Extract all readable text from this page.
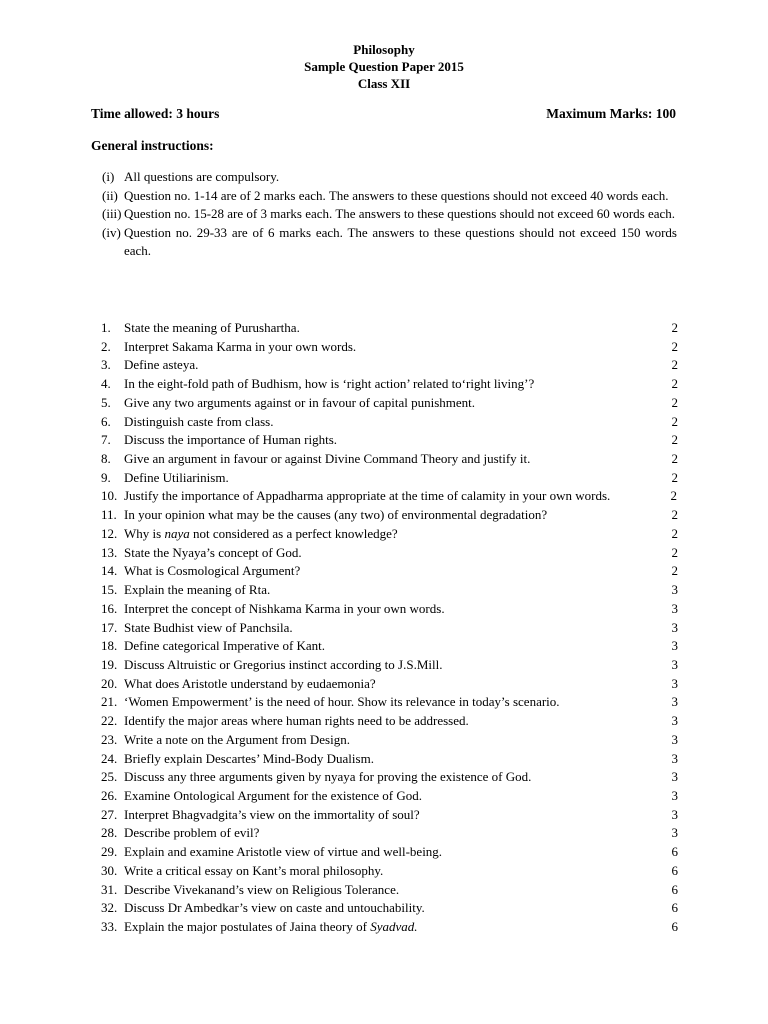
Philosophy
Sample Question Paper 2015
Class XII
Time allowed: 3 hours	Maximum Marks: 100
General instructions:
(i) All questions are compulsory.
(ii) Question no. 1-14 are of 2 marks each. The answers to these questions should not exceed 40 words each.
(iii) Question no. 15-28 are of 3 marks each. The answers to these questions should not exceed 60 words each.
(iv) Question no. 29-33 are of 6 marks each. The answers to these questions should not exceed 150 words each.
1. State the meaning of Purushartha.	2
2. Interpret Sakama Karma in your own words.	2
3. Define asteya.	2
4. In the eight-fold path of Budhism, how is ‘right action’ related to‘right living’?	2
5. Give any two arguments against or in favour of capital punishment.	2
6. Distinguish caste from class.	2
7. Discuss the importance of Human rights.	2
8. Give an argument in favour or against Divine Command Theory and justify it.	2
9. Define Utiliarinism.	2
10. Justify the importance of Appadharma appropriate at the time of calamity in your own words.	2
11. In your opinion what may be the causes (any two) of environmental degradation?	2
12. Why is naya not considered as a perfect knowledge?	2
13. State the Nyaya’s concept of God.	2
14. What is Cosmological Argument?	2
15. Explain the meaning of Rta.	3
16. Interpret the concept of Nishkama Karma in your own words.	3
17. State Budhist view of Panchsila.	3
18. Define categorical Imperative of Kant.	3
19. Discuss Altruistic or Gregorius instinct according to J.S.Mill.	3
20. What does Aristotle understand by eudaemonia?	3
21. ‘Women Empowerment’ is the need of hour. Show its relevance in today’s scenario.	3
22. Identify the major areas where human rights need to be addressed.	3
23. Write a note on the Argument from Design.	3
24. Briefly explain Descartes’ Mind-Body Dualism.	3
25. Discuss any three arguments given by nyaya for proving the existence of God.	3
26. Examine Ontological Argument for the existence of God.	3
27. Interpret Bhagvadgita’s view on the immortality of soul?	3
28. Describe problem of evil?	3
29. Explain and examine Aristotle view of virtue and well-being.	6
30. Write a critical essay on Kant’s moral philosophy.	6
31. Describe Vivekanand’s view on Religious Tolerance.	6
32. Discuss Dr Ambedkar’s view on caste and untouchability.	6
33. Explain the major postulates of Jaina theory of Syadvad.	6
